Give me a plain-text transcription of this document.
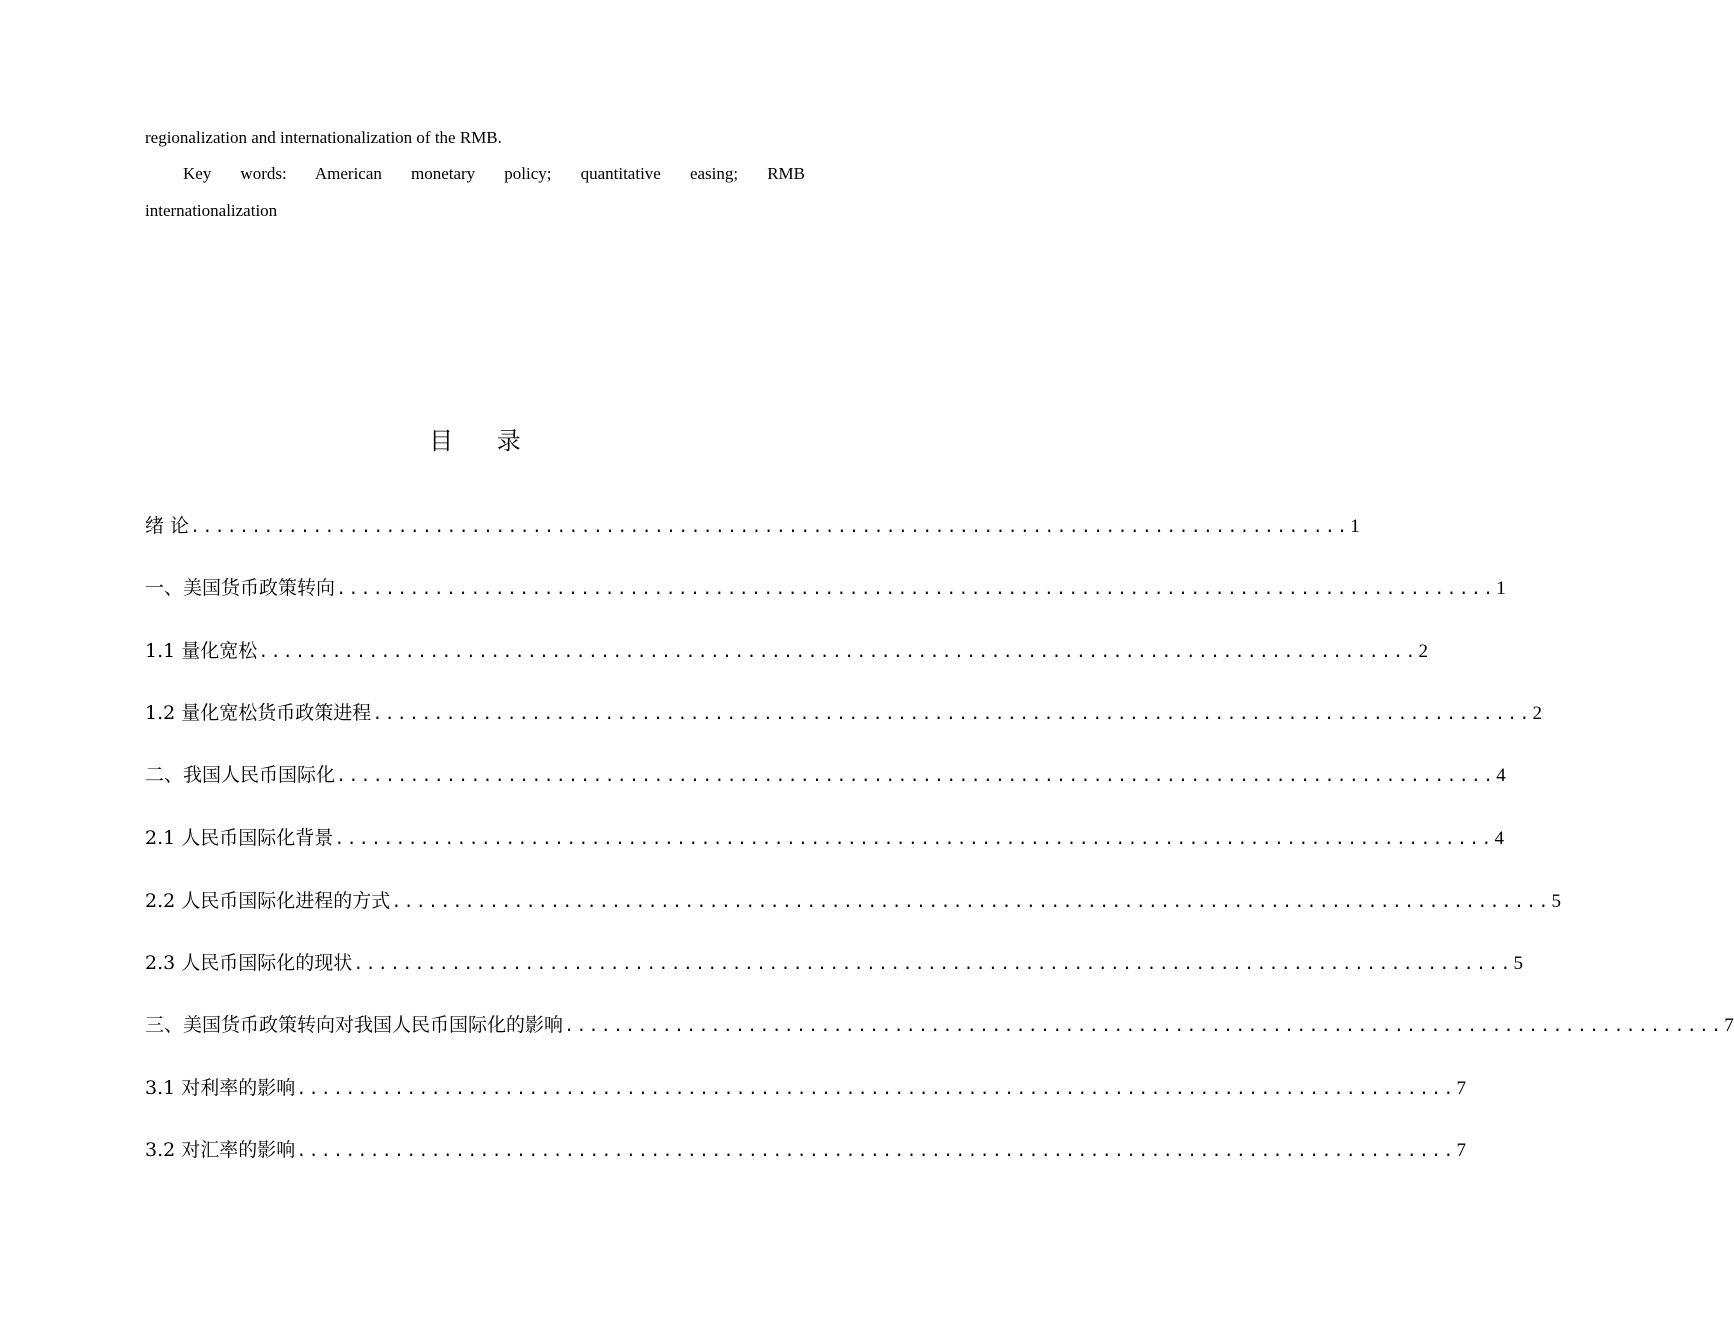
regionalization and internationalization of the RMB.
Key words: American monetary policy; quantitative easing; RMB
internationalization
目 录
绪 论 ............................................................................................... 1
一、美国货币政策转向 ............................................................................................... 1
1.1 量化宽松 ............................................................................................... 2
1.2 量化宽松货币政策进程 ............................................................................................... 2
二、我国人民币国际化 ............................................................................................... 4
2.1 人民币国际化背景 ............................................................................................... 4
2.2 人民币国际化进程的方式 ............................................................................................... 5
2.3 人民币国际化的现状 ............................................................................................... 5
三、美国货币政策转向对我国人民币国际化的影响 ............................................................................................... 7
3.1 对利率的影响 ............................................................................................... 7
3.2 对汇率的影响 ............................................................................................... 7
